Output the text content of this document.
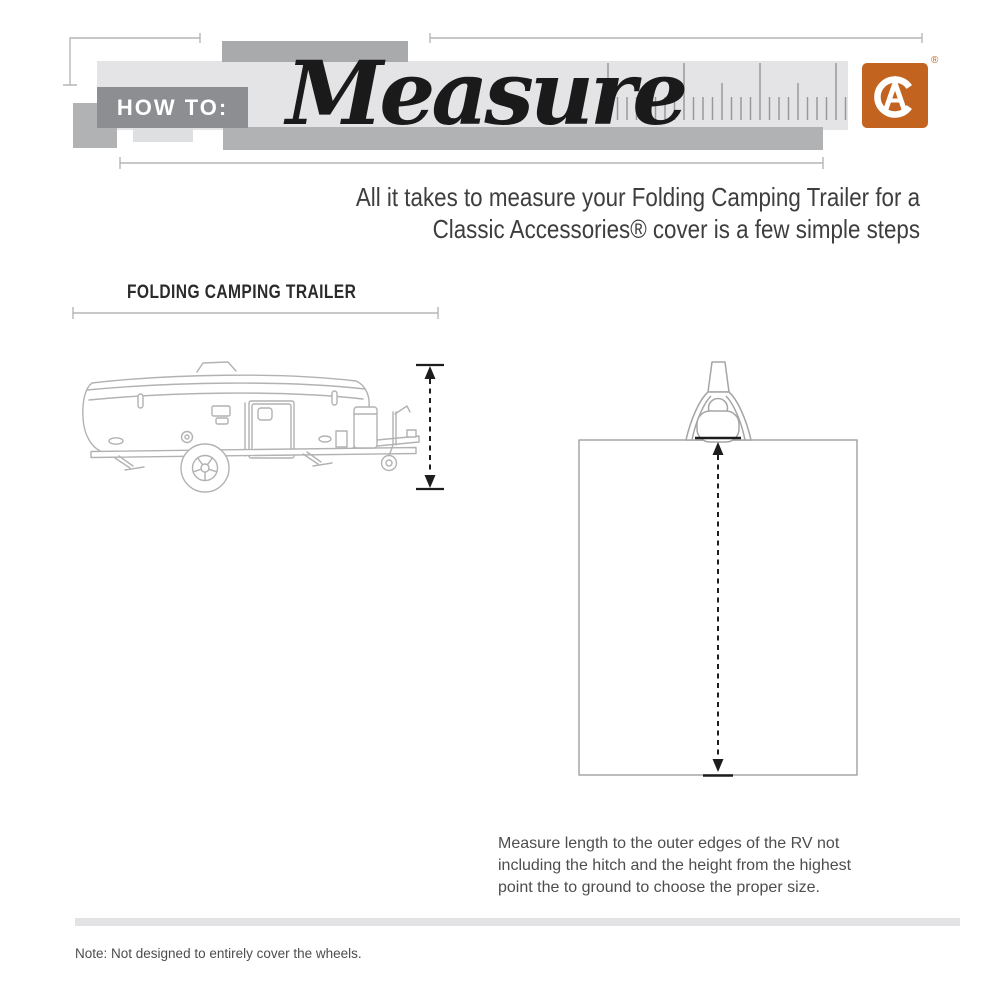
HOW TO: Measure	®
All it takes to measure your Folding Camping Trailer for a
Classic Accessories® cover is a few simple steps
FOLDING CAMPING TRAILER
Measure length to the outer edges of the RV not
including the hitch and the height from the highest
point the to ground to choose the proper size.
Note: Not designed to entirely cover the wheels.
